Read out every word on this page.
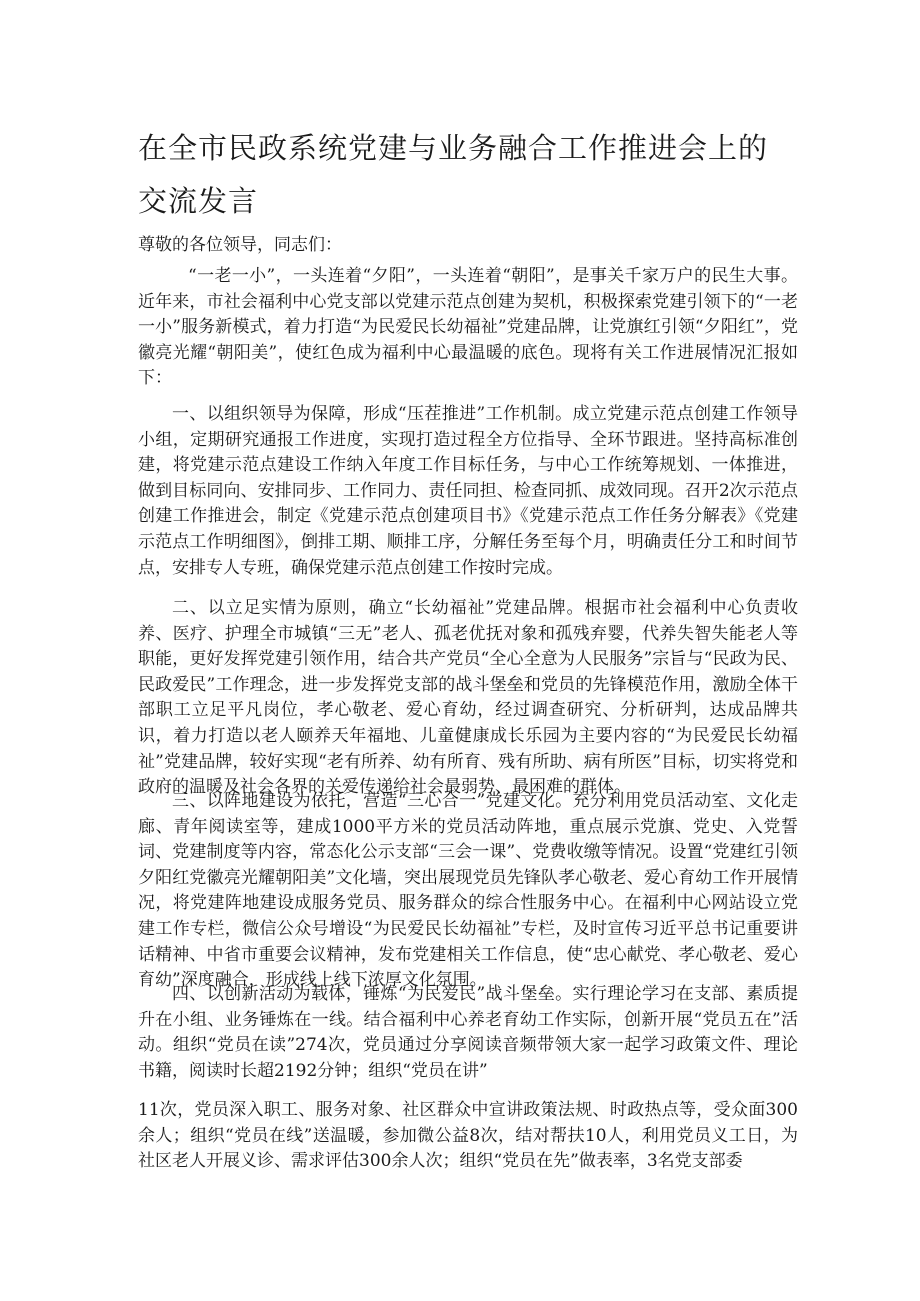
在全市民政系统党建与业务融合工作推进会上的交流发言

尊敬的各位领导，同志们：

“一老一小”，一头连着“夕阳”，一头连着“朝阳”，是事关千家万户的民生大事。近年来，市社会福利中心党支部以党建示范点创建为契机，积极探索党建引领下的“一老一小”服务新模式，着力打造“为民爱民长幼福祉”党建品牌，让党旗红引领“夕阳红”，党徽亮光耀“朝阳美”，使红色成为福利中心最温暖的底色。现将有关工作进展情况汇报如下：

一、以组织领导为保障，形成“压茬推进”工作机制。成立党建示范点创建工作领导小组，定期研究通报工作进度，实现打造过程全方位指导、全环节跟进。坚持高标准创建，将党建示范点建设工作纳入年度工作目标任务，与中心工作统筹规划、一体推进，做到目标同向、安排同步、工作同力、责任同担、检查同抓、成效同现。召开2次示范点创建工作推进会，制定《党建示范点创建项目书》《党建示范点工作任务分解表》《党建示范点工作明细图》，倒排工期、顺排工序，分解任务至每个月，明确责任分工和时间节点，安排专人专班，确保党建示范点创建工作按时完成。

二、以立足实情为原则，确立“长幼福祉”党建品牌。根据市社会福利中心负责收养、医疗、护理全市城镇“三无”老人、孤老优抚对象和孤残弃婴，代养失智失能老人等职能，更好发挥党建引领作用，结合共产党员“全心全意为人民服务”宗旨与“民政为民、民政爱民”工作理念，进一步发挥党支部的战斗堡垒和党员的先锋模范作用，激励全体干部职工立足平凡岗位，孝心敬老、爱心育幼，经过调查研究、分析研判，达成品牌共识，着力打造以老人颐养天年福地、儿童健康成长乐园为主要内容的“为民爱民长幼福祉”党建品牌，较好实现“老有所养、幼有所育、残有所助、病有所医”目标，切实将党和政府的温暖及社会各界的关爱传递给社会最弱势、最困难的群体。

三、以阵地建设为依托，营造“三心合一”党建文化。充分利用党员活动室、文化走廊、青年阅读室等，建成1000平方米的党员活动阵地，重点展示党旗、党史、入党誓词、党建制度等内容，常态化公示支部“三会一课”、党费收缴等情况。设置“党建红引领夕阳红党徽亮光耀朝阳美”文化墙，突出展现党员先锋队孝心敬老、爱心育幼工作开展情况，将党建阵地建设成服务党员、服务群众的综合性服务中心。在福利中心网站设立党建工作专栏，微信公众号增设“为民爱民长幼福祉”专栏，及时宣传习近平总书记重要讲话精神、中省市重要会议精神，发布党建相关工作信息，使“忠心献党、孝心敬老、爱心育幼”深度融合，形成线上线下浓厚文化氛围。

四、以创新活动为载体，锤炼“为民爱民”战斗堡垒。实行理论学习在支部、素质提升在小组、业务锤炼在一线。结合福利中心养老育幼工作实际，创新开展“党员五在”活动。组织“党员在读”274次，党员通过分享阅读音频带领大家一起学习政策文件、理论书籍，阅读时长超2192分钟；组织“党员在讲”

11次，党员深入职工、服务对象、社区群众中宣讲政策法规、时政热点等，受众面300余人；组织“党员在线”送温暖，参加微公益8次，结对帮扶10人，利用党员义工日，为社区老人开展义诊、需求评估300余人次；组织“党员在先”做表率，3名党支部委
